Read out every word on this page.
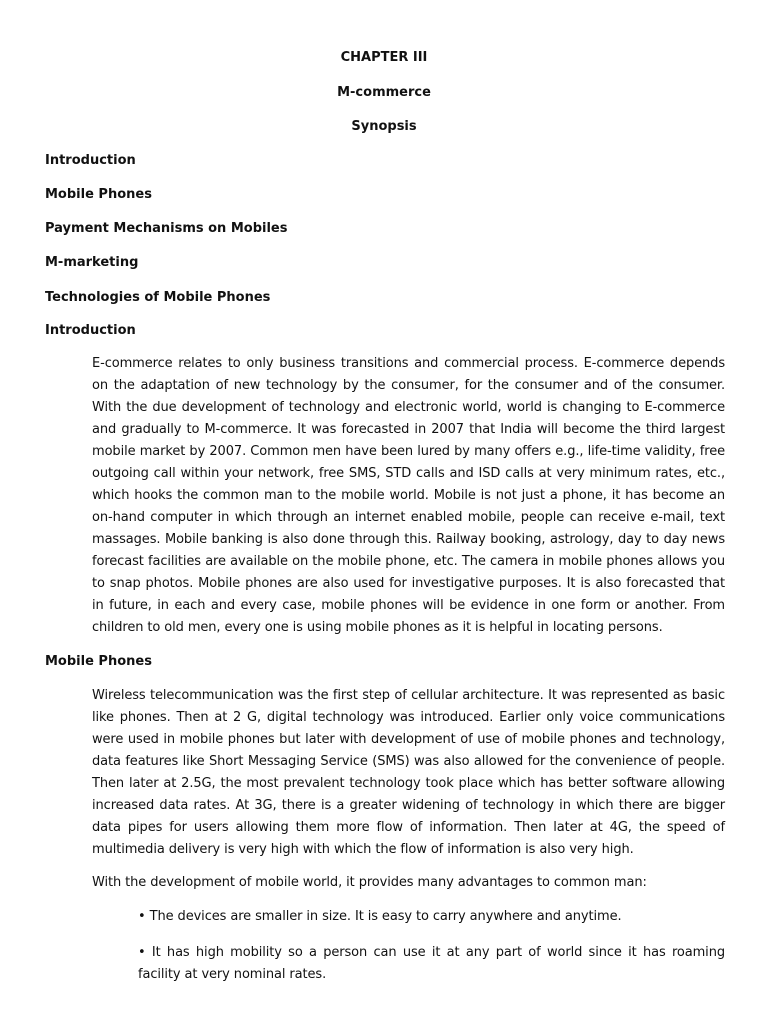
CHAPTER III
M-commerce
Synopsis
Introduction
Mobile Phones
Payment Mechanisms on Mobiles
M-marketing
Technologies of Mobile Phones
Introduction

E-commerce relates to only business transitions and commercial process. E-commerce depends on the adaptation of new technology by the consumer, for the consumer and of the consumer. With the due development of technology and electronic world, world is changing to E-commerce and gradually to M-commerce. It was forecasted in 2007 that India will become the third largest mobile market by 2007. Common men have been lured by many offers e.g., life-time validity, free outgoing call within your network, free SMS, STD calls and ISD calls at very minimum rates, etc., which hooks the common man to the mobile world. Mobile is not just a phone, it has become an on-hand computer in which through an internet enabled mobile, people can receive e-mail, text massages. Mobile banking is also done through this. Railway booking, astrology, day to day news forecast facilities are available on the mobile phone, etc. The camera in mobile phones allows you to snap photos. Mobile phones are also used for investigative purposes. It is also forecasted that in future, in each and every case, mobile phones will be evidence in one form or another. From children to old men, every one is using mobile phones as it is helpful in locating persons.

Mobile Phones

Wireless telecommunication was the first step of cellular architecture. It was represented as basic like phones. Then at 2 G, digital technology was introduced. Earlier only voice communications were used in mobile phones but later with development of use of mobile phones and technology, data features like Short Messaging Service (SMS) was also allowed for the convenience of people. Then later at 2.5G, the most prevalent technology took place which has better software allowing increased data rates. At 3G, there is a greater widening of technology in which there are bigger data pipes for users allowing them more flow of information. Then later at 4G, the speed of multimedia delivery is very high with which the flow of information is also very high.

With the development of mobile world, it provides many advantages to common man:

• The devices are smaller in size. It is easy to carry anywhere and anytime.

• It has high mobility so a person can use it at any part of world since it has roaming facility at very nominal rates.
